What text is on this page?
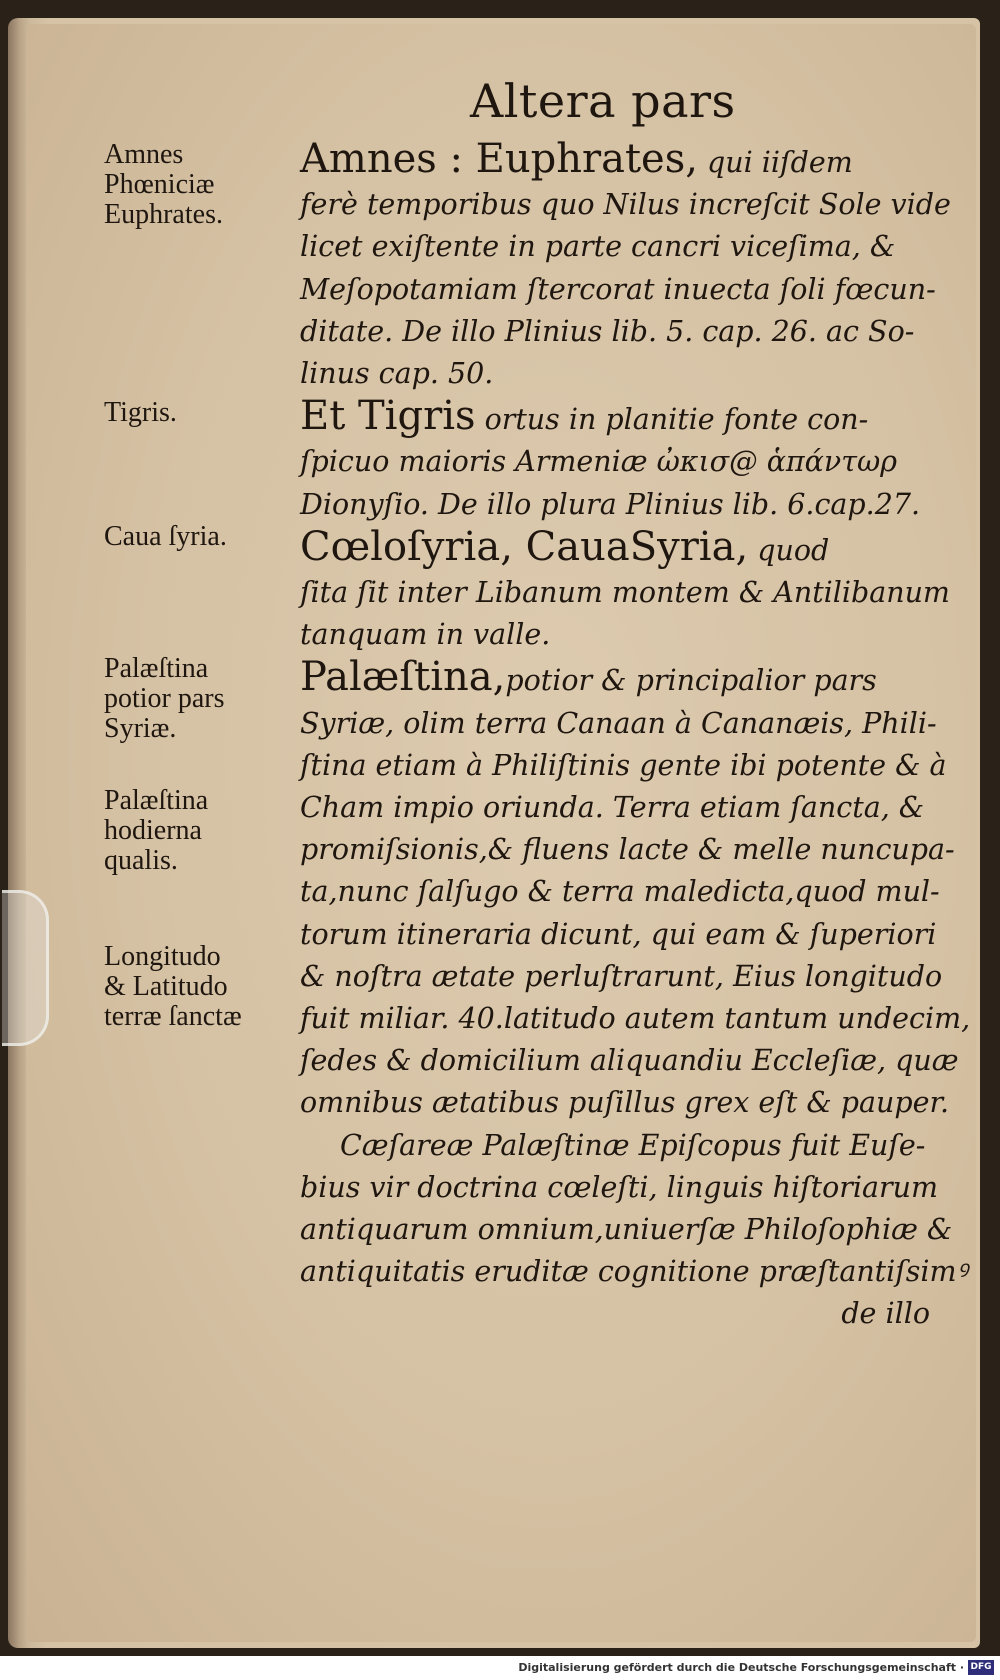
Altera pars
Amnes
Phœniciæ
Euphrates.
Tigris.
Caua ſyria.
Palæſtina
potior pars
Syriæ.
Palæſtina
hodierna
qualis.
Longitudo
& Latitudo
terræ ſanctæ
Amnes : Euphrates, qui iiſdem
ferè temporibus quo Nilus increſcit Sole vide
licet exiſtente in parte cancri viceſima, &
Meſopotamiam ſtercorat inuecta ſoli fœcun-
ditate. De illo Plinius lib. 5. cap. 26. ac So-
linus cap. 50.
Et Tigris ortus in planitie fonte con-
ſpicuo maioris Armeniæ ὠκισ@ ἁπάντωρ
Dionyſio. De illo plura Plinius lib. 6.cap.27.
Cœloſyria, CauaSyria, quod
ſita ſit inter Libanum montem & Antilibanum
tanquam in valle.
Palæſtina,potior & principalior pars
Syriæ, olim terra Canaan à Cananæis, Phili-
ſtina etiam à Philiſtinis gente ibi potente & à
Cham impio oriunda. Terra etiam ſancta, &
promiſsionis,& fluens lacte & melle nuncupa-
ta,nunc ſalſugo & terra maledicta,quod mul-
torum itineraria dicunt, qui eam & ſuperiori
& noſtra ætate perluſtrarunt, Eius longitudo
fuit miliar. 40.latitudo autem tantum undecim,
ſedes & domicilium aliquandiu Eccleſiæ, quæ
omnibus ætatibus puſillus grex eſt & pauper.
Cæſareæ Palæſtinæ Epiſcopus fuit Euſe-
bius vir doctrina cœleſti, linguis hiſtoriarum
antiquarum omnium,uniuerſæ Philoſophiæ &
antiquitatis eruditæ cognitione præſtantiſsimꝰ
de illo
Digitalisierung gefördert durch die Deutsche Forschungsgemeinschaft · DFG
